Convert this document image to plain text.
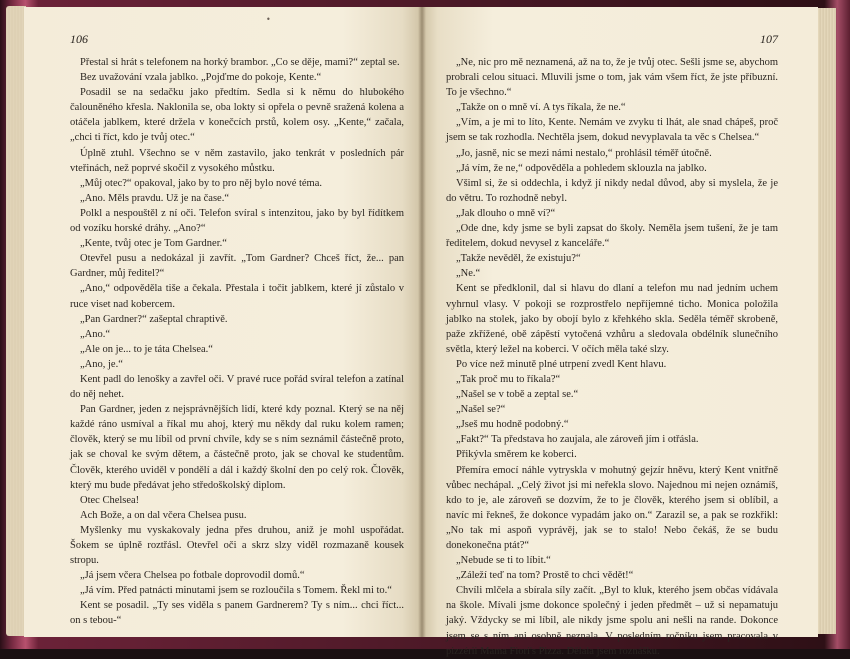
106

Přestal si hrát s telefonem na horký brambor. „Co se děje, mami?“ zeptal se.

Bez uvažování vzala jablko. „Pojďme do pokoje, Kente.“

Posadil se na sedačku jako předtím. Sedla si k němu do hlubokého čalouněného křesla. Naklonila se, oba lokty si opřela o pevně sražená kolena a otáčela jablkem, které držela v konečcích prstů, kolem osy. „Kente,“ začala, „chci ti říct, kdo je tvůj otec.“

Úplně ztuhl. Všechno se v něm zastavilo, jako tenkrát v posledních pár vteřinách, než poprvé skočil z vysokého můstku.

„Můj otec?“ opakoval, jako by to pro něj bylo nové téma.

„Ano. Měls pravdu. Už je na čase.“

Polkl a nespouštěl z ní oči. Telefon svíral s intenzitou, jako by byl řídítkem od vozíku horské dráhy. „Ano?“

„Kente, tvůj otec je Tom Gardner.“

Otevřel pusu a nedokázal ji zavřít. „Tom Gardner? Chceš říct, že... pan Gardner, můj ředitel?“

„Ano,“ odpověděla tiše a čekala. Přestala i točit jablkem, které jí zůstalo v ruce viset nad kobercem.

„Pan Gardner?“ zašeptal chraptivě.

„Ano.“

„Ale on je... to je táta Chelsea.“

„Ano, je.“

Kent padl do lenošky a zavřel oči. V pravé ruce pořád svíral telefon a zatínal do něj nehet.

Pan Gardner, jeden z nejsprávnějších lidí, které kdy poznal. Který se na něj každé ráno usmíval a říkal mu ahoj, který mu někdy dal ruku kolem ramen; člověk, který se mu líbil od první chvíle, kdy se s ním seznámil částečně proto, jak se choval ke svým dětem, a částečně proto, jak se choval ke studentům. Člověk, kterého uviděl v pondělí a dál i každý školní den po celý rok. Člověk, který mu bude předávat jeho středoškolský diplom.

Otec Chelsea!

Ach Bože, a on dal včera Chelsea pusu.

Myšlenky mu vyskakovaly jedna přes druhou, aniž je mohl uspořádat. Šokem se úplně roztřásl. Otevřel oči a skrz slzy viděl rozmazaně kousek stropu.

„Já jsem včera Chelsea po fotbale doprovodil domů.“

„Já vím. Před patnácti minutami jsem se rozloučila s Tomem. Řekl mi to.“

Kent se posadil. „Ty ses viděla s panem Gardnerem? Ty s ním... chci říct... on s tebou-“

107

„Ne, nic pro mě neznamená, až na to, že je tvůj otec. Sešli jsme se, abychom probrali celou situaci. Mluvili jsme o tom, jak vám všem říct, že jste příbuzní. To je všechno.“

„Takže on o mně ví. A tys říkala, že ne.“

„Vím, a je mi to líto, Kente. Nemám ve zvyku ti lhát, ale snad chápeš, proč jsem se tak rozhodla. Nechtěla jsem, dokud nevyplavala ta věc s Chelsea.“

„Jo, jasně, nic se mezi námi nestalo,“ prohlásil téměř útočně.

„Já vím, že ne,“ odpověděla a pohledem sklouzla na jablko.

Všiml si, že si oddechla, i když jí nikdy nedal důvod, aby si myslela, že je do větru. To rozhodně nebyl.

„Jak dlouho o mně ví?“

„Ode dne, kdy jsme se byli zapsat do školy. Neměla jsem tušení, že je tam ředitelem, dokud nevysel z kanceláře.“

„Takže nevěděl, že existuju?“

„Ne.“

Kent se předklonil, dal si hlavu do dlaní a telefon mu nad jedním uchem vyhrnul vlasy. V pokoji se rozprostřelo nepříjemné ticho. Monica položila jablko na stolek, jako by obojí bylo z křehkého skla. Seděla téměř skrobeně, paže zkřížené, obě zápěstí vytočená vzhůru a sledovala obdélník slunečního světla, který ležel na koberci. V očích měla také slzy.

Po více než minutě plné utrpení zvedl Kent hlavu.

„Tak proč mu to říkala?“

„Našel se v tobě a zeptal se.“

„Našel se?“

„Jseš mu hodně podobný.“

„Fakt?“ Ta představa ho zaujala, ale zároveň jím i otřásla.

Přikývla směrem ke koberci.

Přemíra emocí náhle vytryskla v mohutný gejzír hněvu, který Kent vnitřně vůbec nechápal. „Celý život jsi mi neřekla slovo. Najednou mi nejen oznámíš, kdo to je, ale zároveň se dozvím, že to je člověk, kterého jsem si oblíbil, a navíc mi řekneš, že dokonce vypadám jako on.“ Zarazil se, a pak se rozkřikl: „No tak mi aspoň vyprávěj, jak se to stalo! Nebo čekáš, že se budu donekonečna ptát?“

„Nebude se ti to líbit.“

„Záleží teď na tom? Prostě to chci vědět!“

Chvíli mlčela a sbírala síly začít. „Byl to kluk, kterého jsem občas vídávala na škole. Mívali jsme dokonce společný i jeden předmět – už si nepamatuju jaký. Vždycky se mi líbil, ale nikdy jsme spolu ani nešli na rande. Dokonce jsem se s ním ani osobně neznala. V posledním ročníku jsem pracovala v pizzérii Mama Fiori's Pizza. Dělala jsem roznášku.

•
